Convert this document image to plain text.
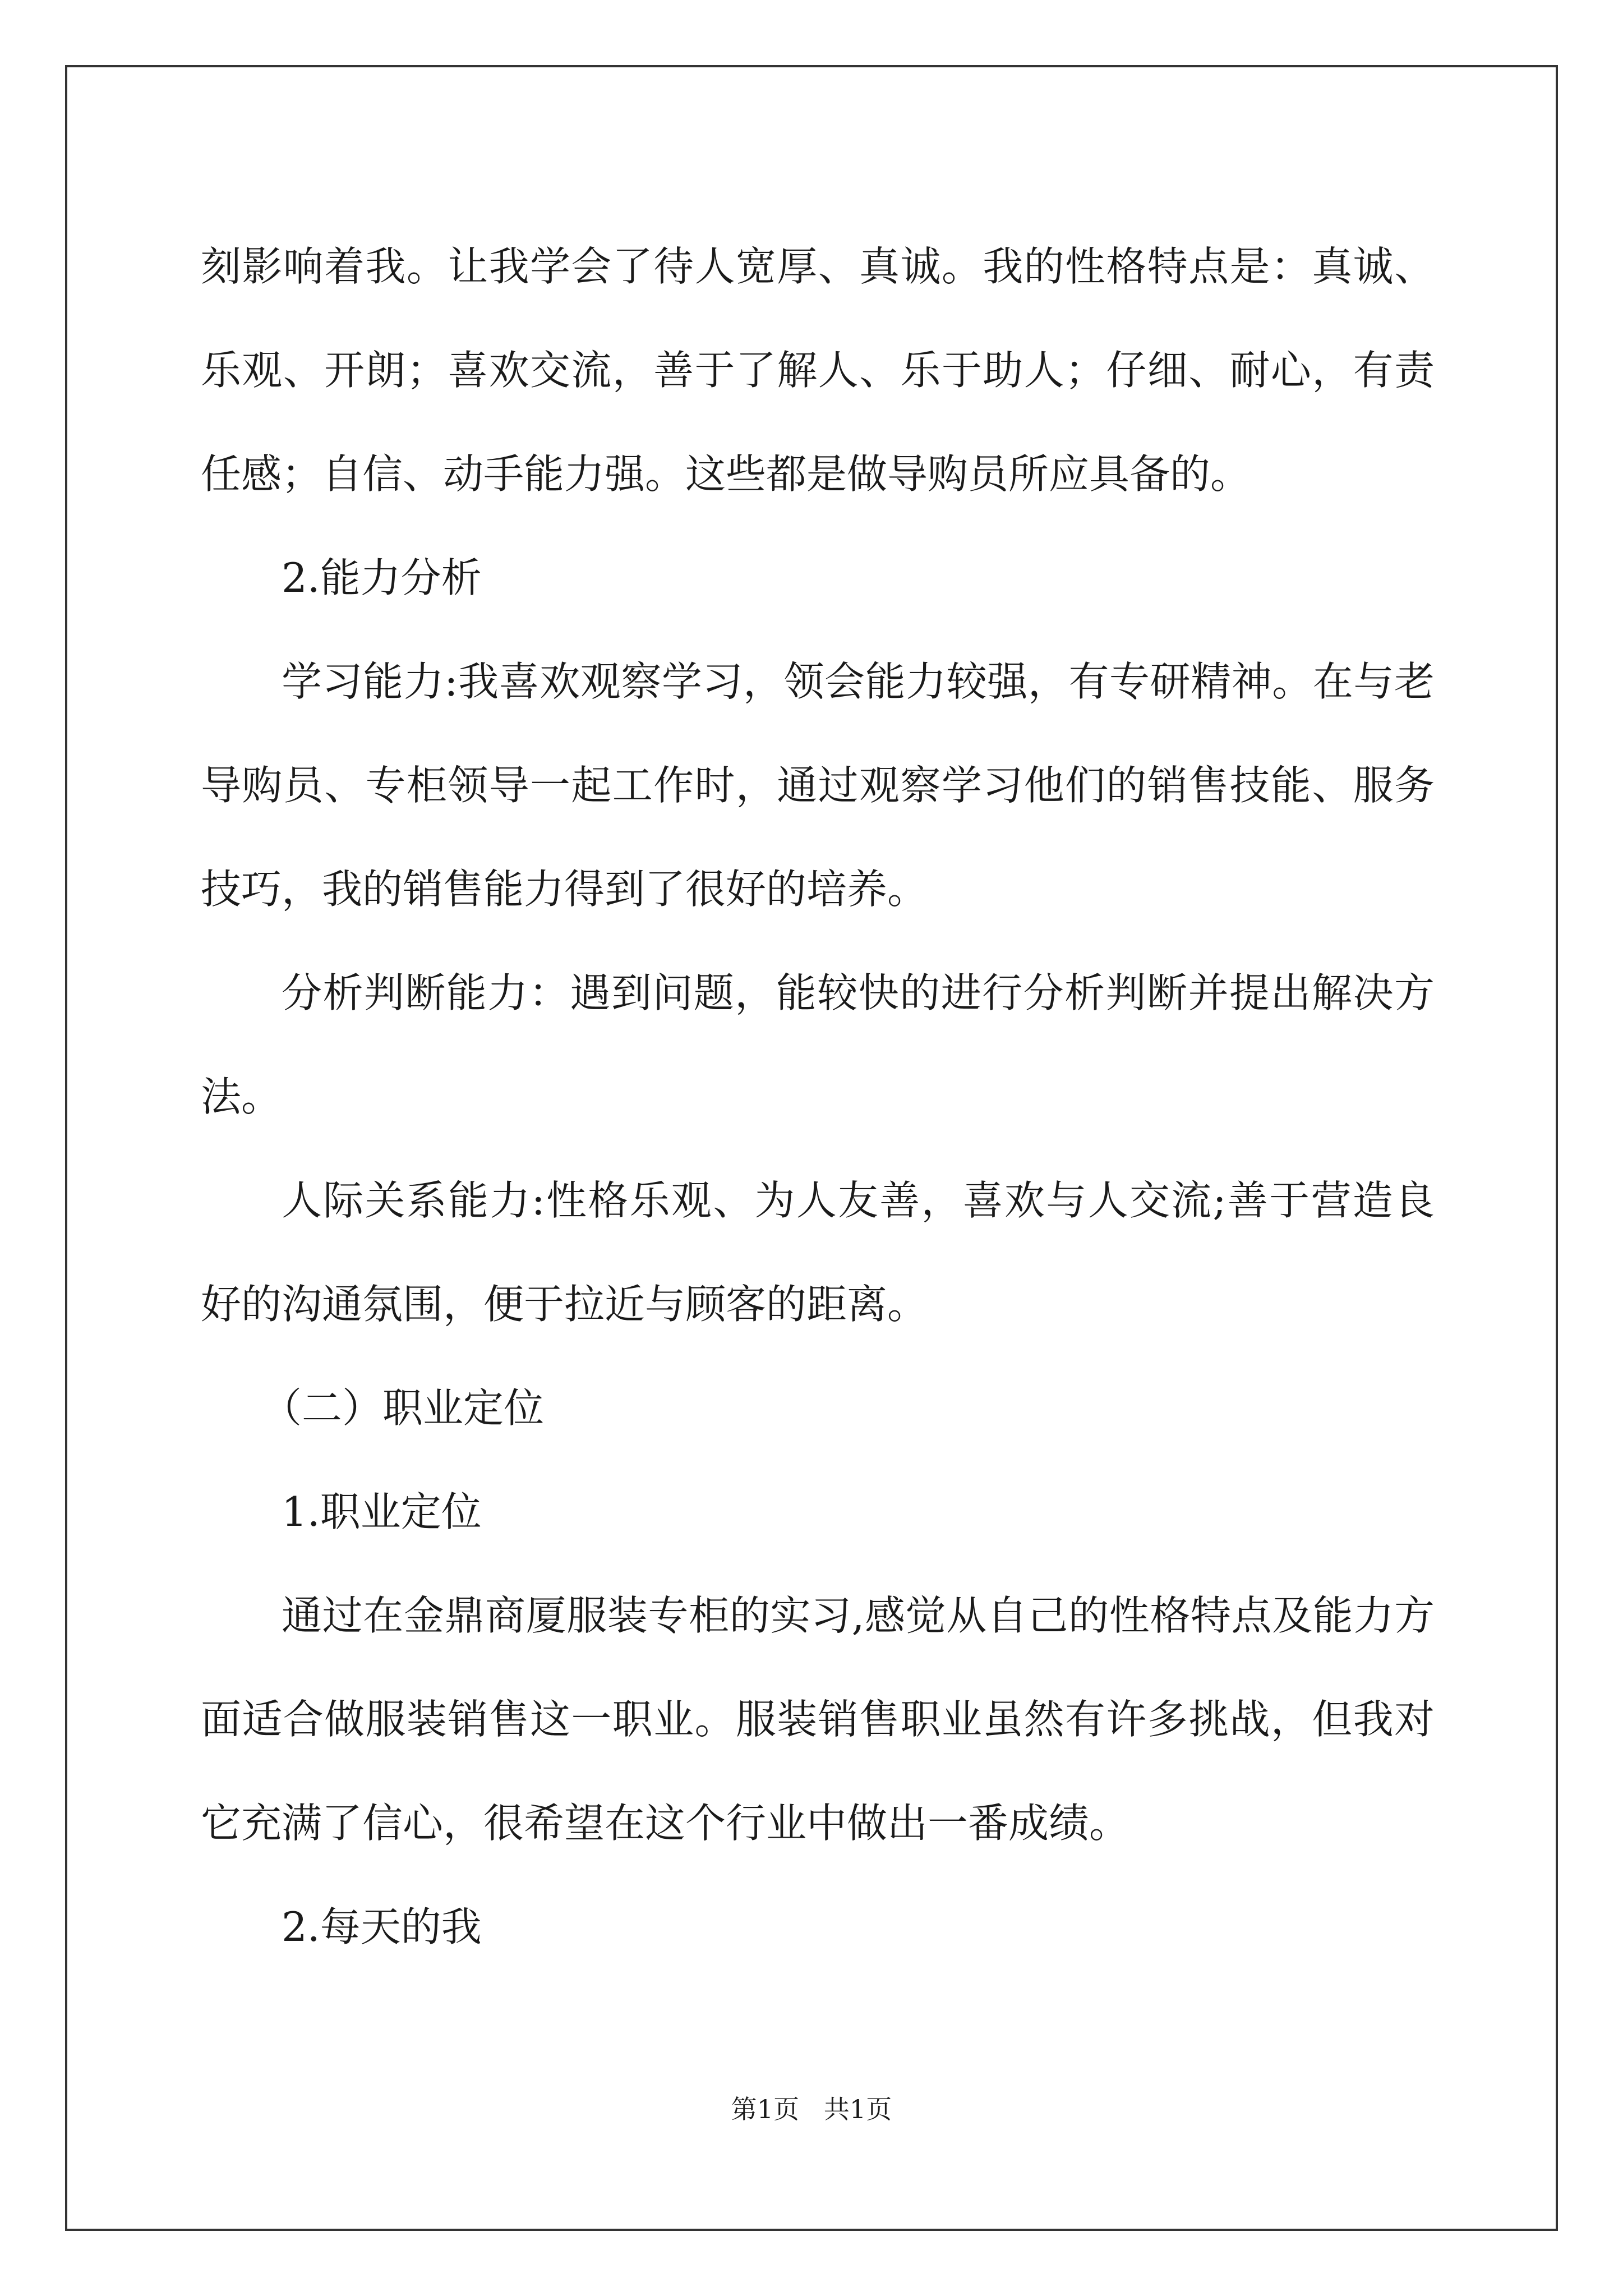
刻影响着我。让我学会了待人宽厚、真诚。我的性格特点是：真诚、乐观、开朗；喜欢交流，善于了解人、乐于助人；仔细、耐心，有责任感；自信、动手能力强。这些都是做导购员所应具备的。

2.能力分析

学习能力:我喜欢观察学习，领会能力较强，有专研精神。在与老导购员、专柜领导一起工作时，通过观察学习他们的销售技能、服务技巧，我的销售能力得到了很好的培养。

分析判断能力：遇到问题，能较快的进行分析判断并提出解决方法。

人际关系能力:性格乐观、为人友善，喜欢与人交流;善于营造良好的沟通氛围，便于拉近与顾客的距离。

（二）职业定位

1.职业定位

通过在金鼎商厦服装专柜的实习,感觉从自己的性格特点及能力方面适合做服装销售这一职业。服装销售职业虽然有许多挑战，但我对它充满了信心，很希望在这个行业中做出一番成绩。

2.每天的我

第1页   共1页
